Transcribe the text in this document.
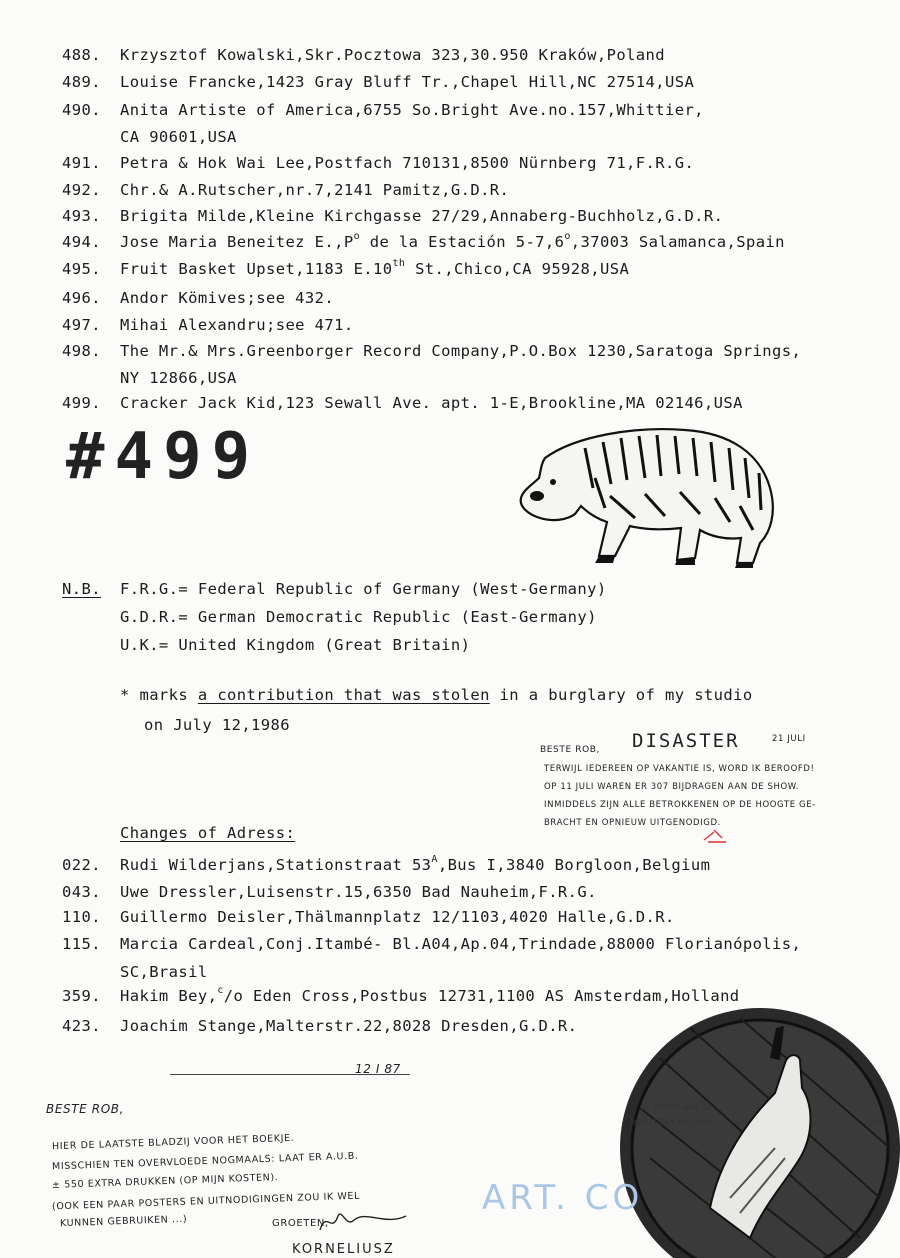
488. Krzysztof Kowalski,Skr.Pocztowa 323,30.950 Kraków,Poland
489. Louise Francke,1423 Gray Bluff Tr.,Chapel Hill,NC 27514,USA
490. Anita Artiste of America,6755 So.Bright Ave.no.157,Whittier,
CA 90601,USA
491. Petra & Hok Wai Lee,Postfach 710131,8500 Nürnberg 71,F.R.G.
492. Chr.& A.Rutscher,nr.7,2141 Pamitz,G.D.R.
493. Brigita Milde,Kleine Kirchgasse 27/29,Annaberg-Buchholz,G.D.R.
494. Jose Maria Beneitez $E.,P^o$ de la Estación 5-7,6$^o$,37003 Salamanca,Spain
495. Fruit Basket Upset,1183 E.10th St.,Chico,CA 95928,USA
496. Andor Kömives;see 432.
497. Mihai Alexandru;see 471.
498. The Mr.& Mrs.Greenborger Record Company,P.O.Box 1230,Saratoga Springs,
NY 12866,USA
499. Cracker Jack Kid,123 Sewall Ave. apt. 1-E,Brookline,MA 02146,USA
#499
N.B. F.R.G.= Federal Republic of Germany (West-Germany)
G.D.R.= German Democratic Republic (East-Germany)
U.K.= United Kingdom (Great Britain)
* marks a contribution that was stolen in a burglary of my studio
on July 12,1986
BESTE ROB, DISASTER	21 JULI
TERWIJL IEDEREEN OP VAKANTIE IS, WORD IK BEROOFD!
OP 11 JULI WAREN ER 307 BIJDRAGEN AAN DE SHOW.
INMIDDELS ZIJN ALLE BETROKKENEN OP DE HOOGTE GE-
BRACHT EN OPNIEUW UITGENODIGD.
Changes of Adress:
022. Rudi Wilderjans,Stationstraat $53^A,Bus$ I,3840 Borgloon,Belgium
043. Uwe Dressler,Luisenstr.15,6350 Bad Nauheim,F.R.G.
110. Guillermo Deisler,Thälmannplatz 12/1103,4020 Halle,G.D.R.
115. Marcia Cardeal,Conj.Itambé- Bl.A04,Ap.04,Trindade,88000 Florianópolis,
SC,Brasil
359. Hakim Bey,$^c$/o Eden Cross,Postbus 12731,1100 AS Amsterdam,Holland
423. Joachim Stange,Malterstr.22,8028 Dresden,G.D.R.
12 I 87
BESTE ROB,
HIER DE LAATSTE BLADZIJ VOOR HET BOEKJE.
MISSCHIEN TEN OVERVLOEDE NOGMAALS: LAAT ER A.U.B.
± 550 EXTRA DRUKKEN (OP MIJN KOSTEN).
(OOK EEN PAAR POSTERS EN UITNODIGINGEN ZOU IK WEL
KUNNEN GEBRUIKEN ...)	GROETEN,
KORNELIUSZ
G. BOSSELAAN 18
ROTTERDAM HOLLAND	346
ART. CO
